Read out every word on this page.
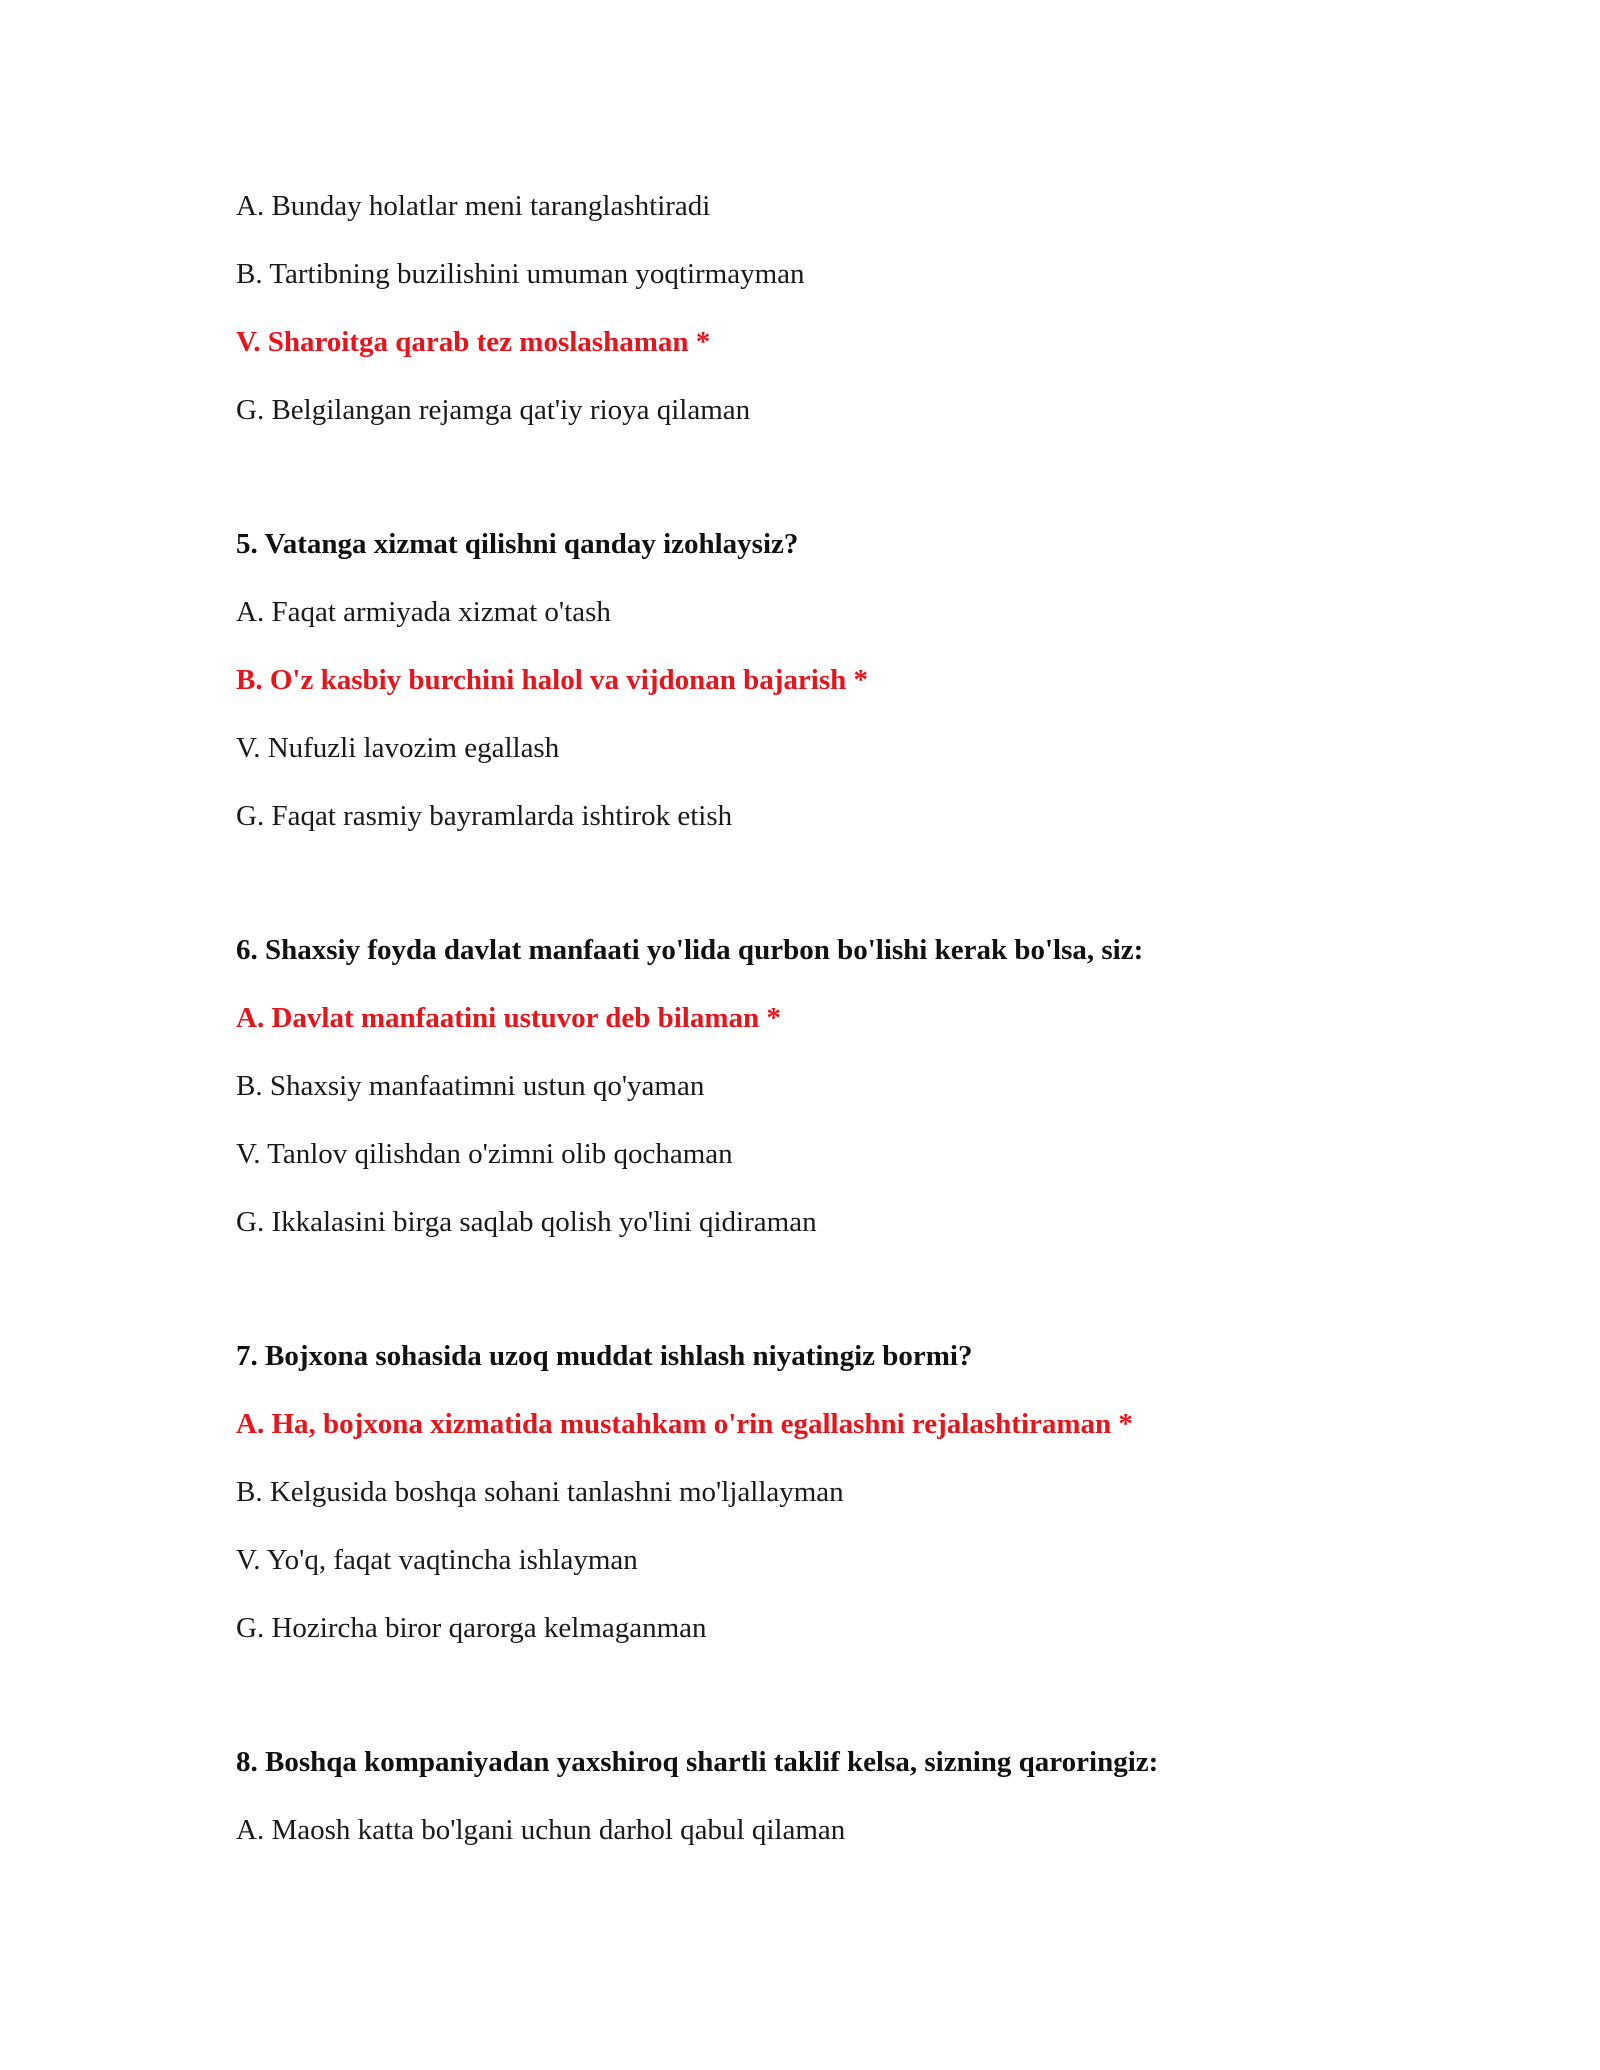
A. Bunday holatlar meni taranglashtiradi

B. Tartibning buzilishini umuman yoqtirmayman

V. Sharoitga qarab tez moslashaman *

G. Belgilangan rejamga qat'iy rioya qilaman

5. Vatanga xizmat qilishni qanday izohlaysiz?

A. Faqat armiyada xizmat o'tash

B. O'z kasbiy burchini halol va vijdonan bajarish *

V. Nufuzli lavozim egallash

G. Faqat rasmiy bayramlarda ishtirok etish

6. Shaxsiy foyda davlat manfaati yo'lida qurbon bo'lishi kerak bo'lsa, siz:

A. Davlat manfaatini ustuvor deb bilaman *

B. Shaxsiy manfaatimni ustun qo'yaman

V. Tanlov qilishdan o'zimni olib qochaman

G. Ikkalasini birga saqlab qolish yo'lini qidiraman

7. Bojxona sohasida uzoq muddat ishlash niyatingiz bormi?

A. Ha, bojxona xizmatida mustahkam o'rin egallashni rejalashtiraman *

B. Kelgusida boshqa sohani tanlashni mo'ljallayman

V. Yo'q, faqat vaqtincha ishlayman

G. Hozircha biror qarorga kelmaganman

8. Boshqa kompaniyadan yaxshiroq shartli taklif kelsa, sizning qaroringiz:

A. Maosh katta bo'lgani uchun darhol qabul qilaman
